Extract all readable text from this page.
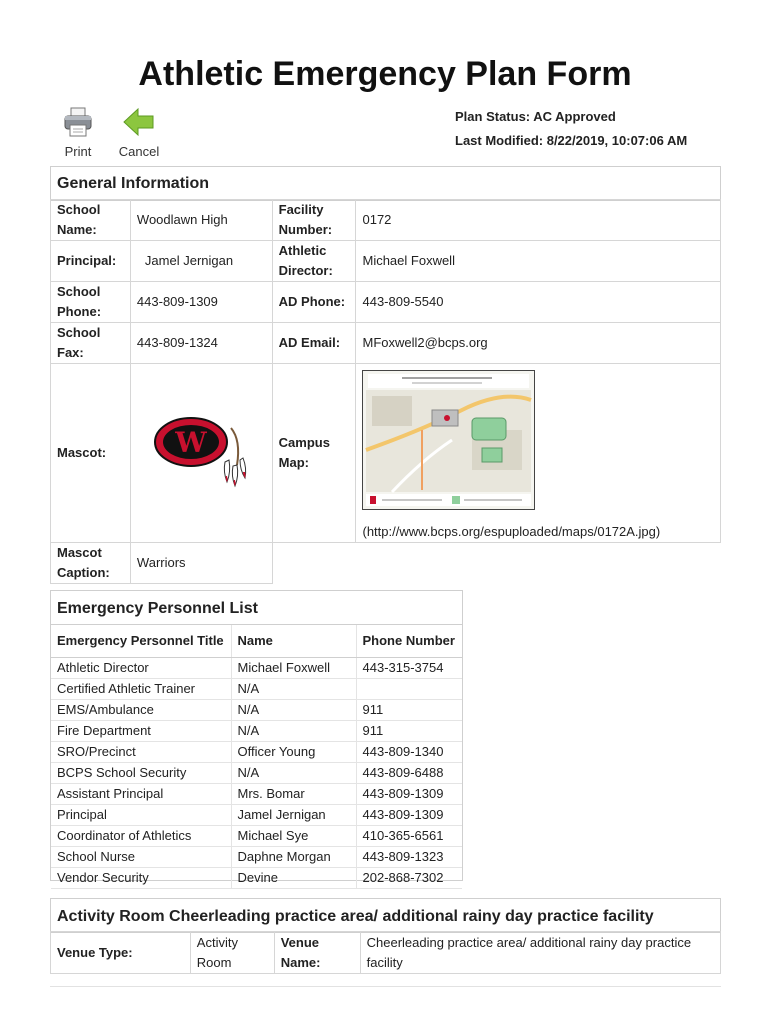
Athletic Emergency Plan Form
Print	Cancel
Plan Status: AC Approved
Last Modified: 8/22/2019, 10:07:06 AM
General Information
School Name:	Woodlawn High	Facility Number:	0172
Principal:	Jamel Jernigan	Athletic Director:	Michael Foxwell
School Phone:	443-809-1309	AD Phone:	443-809-5540
School Fax:	443-809-1324	AD Email:	MFoxwell2@bcps.org
Mascot:	W	Campus Map:	(http://www.bcps.org/espuploaded/maps/0172A.jpg)

Mascot Caption:	Warriors		
Emergency Personnel List
Emergency Personnel Title	Name	Phone Number
Athletic Director	Michael Foxwell	443-315-3754
Certified Athletic Trainer	N/A	
EMS/Ambulance	N/A	911
Fire Department	N/A	911
SRO/Precinct	Officer Young	443-809-1340
BCPS School Security	N/A	443-809-6488
Assistant Principal	Mrs. Bomar	443-809-1309
Principal	Jamel Jernigan	443-809-1309
Coordinator of Athletics	Michael Sye	410-365-6561
School Nurse	Daphne Morgan	443-809-1323
Vendor Security	Devine	202-868-7302
Activity Room Cheerleading practice area/ additional rainy day practice facility
Venue Type:	Activity Room	Venue Name:	Cheerleading practice area/ additional rainy day practice facility
